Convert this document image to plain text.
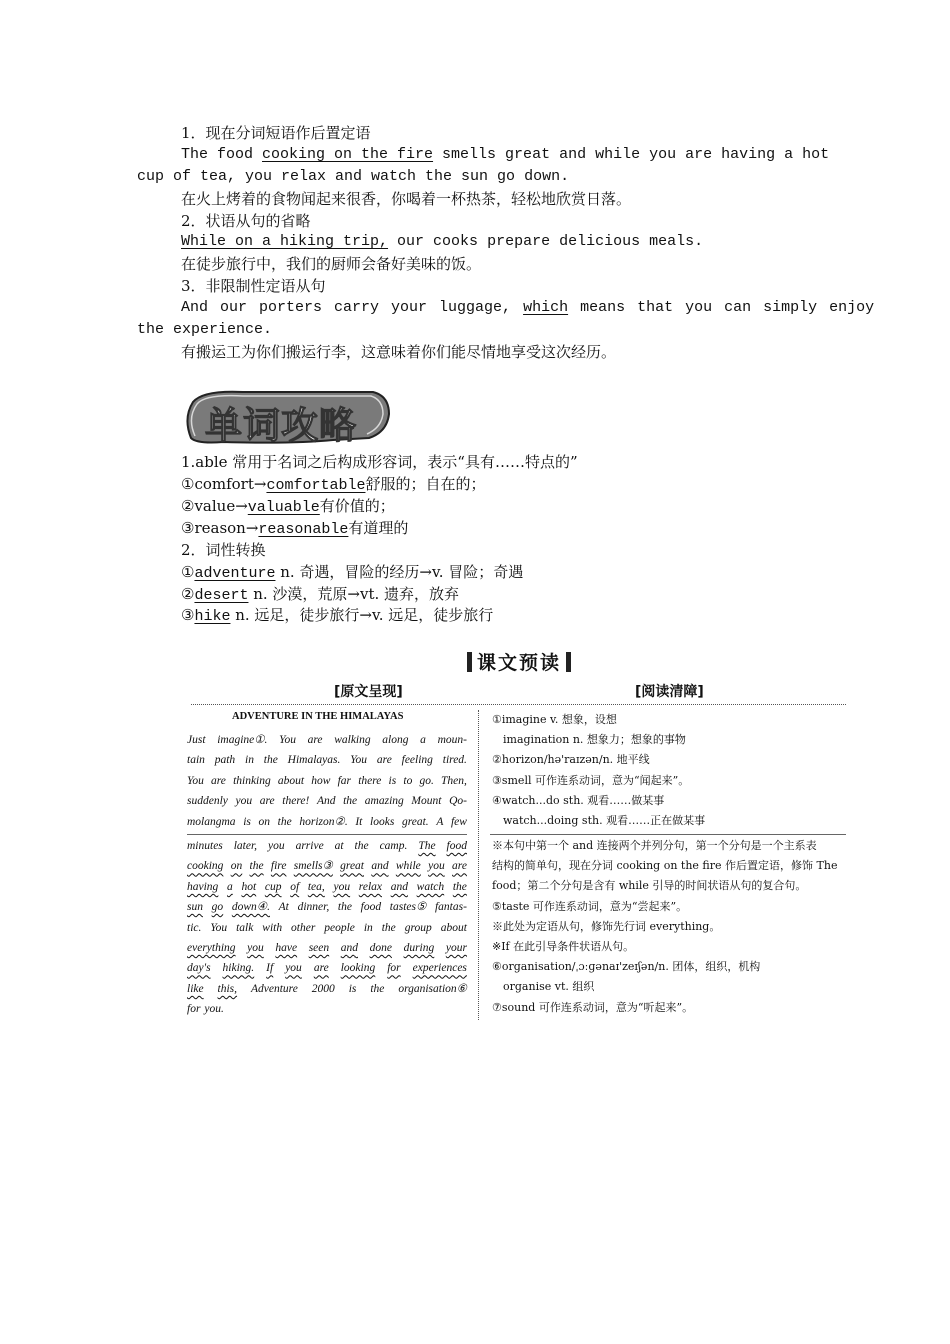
1．现在分词短语作后置定语
The food cooking on the fire smells great and while you are having a hot
cup of tea, you relax and watch the sun go down.
在火上烤着的食物闻起来很香，你喝着一杯热茶，轻松地欣赏日落。
2．状语从句的省略
While on a hiking trip, our cooks prepare delicious meals.
在徒步旅行中，我们的厨师会备好美味的饭。
3．非限制性定语从句
And our porters carry your luggage, which means that you can simply enjoy
the experience.
有搬运工为你们搬运行李，这意味着你们能尽情地享受这次经历。
单词攻略
1.able 常用于名词之后构成形容词，表示“具有……特点的”
①comfort→comfortable舒服的；自在的；
②value→valuable有价值的；
③reason→reasonable有道理的
2．词性转换
①adventure n. 奇遇，冒险的经历→v. 冒险；奇遇
②desert n. 沙漠，荒原→vt. 遗弃，放弃
③hike n. 远足，徒步旅行→v. 远足，徒步旅行
课文预读
[原文呈现]	[阅读清障]
ADVENTURE IN THE HIMALAYAS
Just imagine①. You are walking along a moun-
tain path in the Himalayas. You are feeling tired.
You are thinking about how far there is to go. Then,
suddenly you are there! And the amazing Mount Qo-
molangma is on the horizon②. It looks great. A few
minutes later, you arrive at the camp. The food
cooking on the fire smells③ great and while you are
having a hot cup of tea, you relax and watch the
sun go down④. At dinner, the food tastes⑤ fantas-
tic. You talk with other people in the group about
everything you have seen and done during your
day's hiking. If you are looking for experiences
like this, Adventure 2000 is the organisation⑥
for you.
①imagine v. 想象，设想
　imagination n. 想象力；想象的事物
②horizon/hə'raɪzən/n. 地平线
③smell 可作连系动词，意为“闻起来”。
④watch...do sth. 观看……做某事
　watch...doing sth. 观看……正在做某事
※本句中第一个 and 连接两个并列分句，第一个分句是一个主系表
结构的简单句，现在分词 cooking on the fire 作后置定语，修饰 The
food；第二个分句是含有 while 引导的时间状语从句的复合句。
⑤taste 可作连系动词，意为“尝起来”。
※此处为定语从句，修饰先行词 everything。
※If 在此引导条件状语从句。
⑥organisation/ˌɔːɡənaɪ'zeɪʃən/n. 团体，组织，机构
　organise vt. 组织
⑦sound 可作连系动词，意为“听起来”。
